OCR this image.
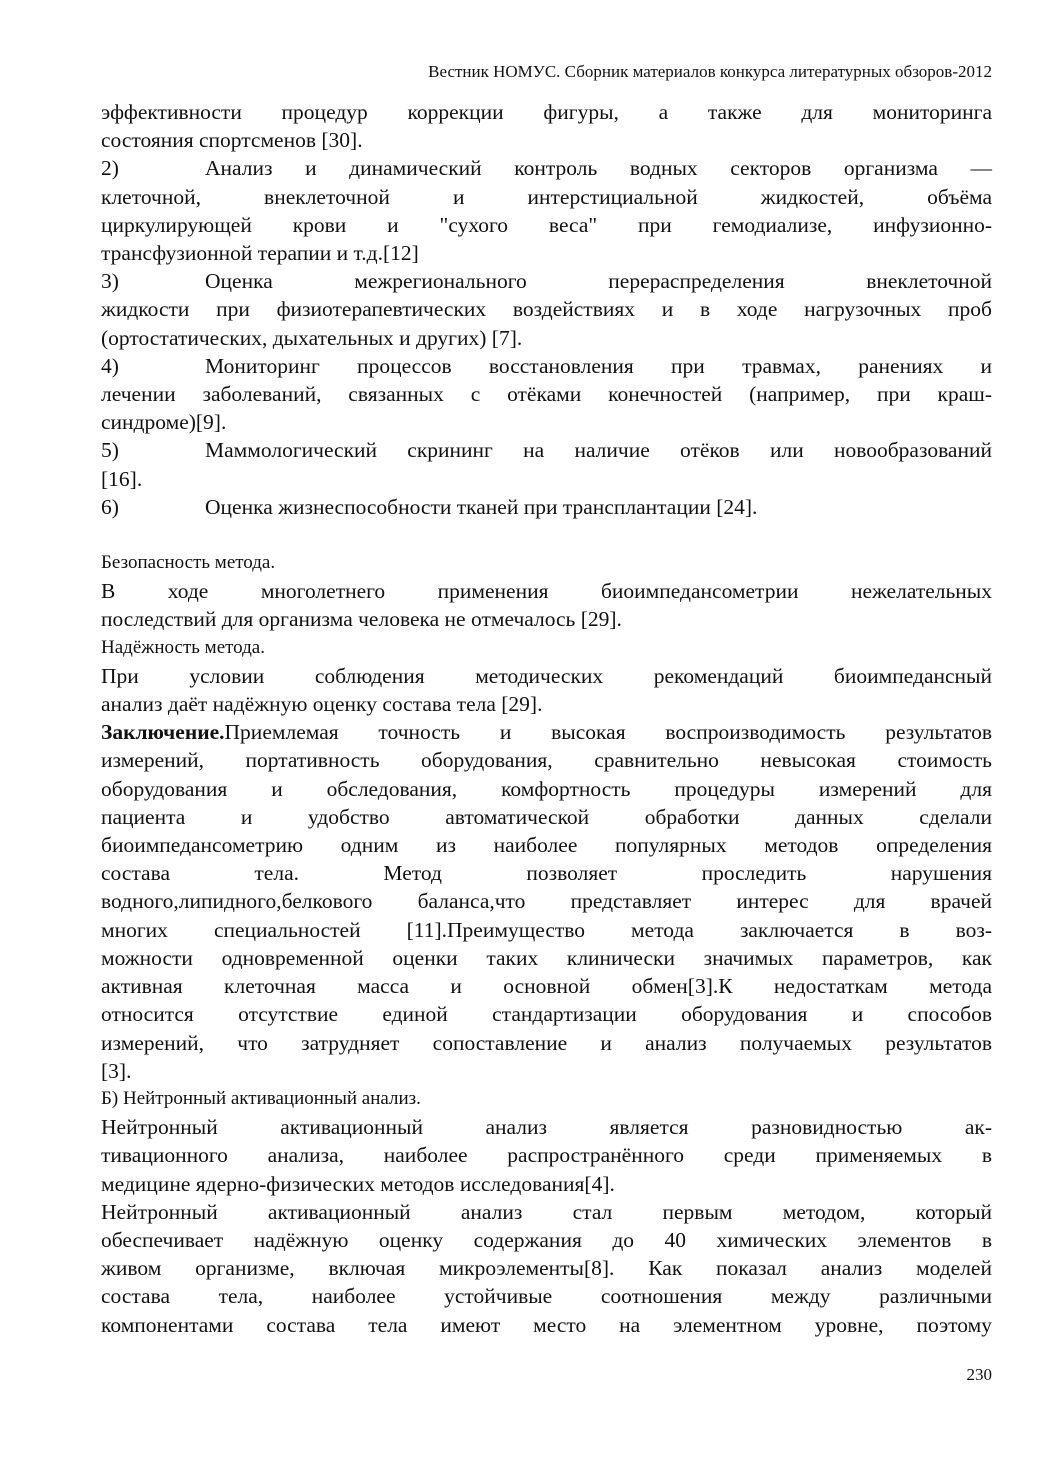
Вестник НОМУС. Сборник материалов конкурса литературных обзоров-2012

эффективности процедур коррекции фигуры, а также для мониторинга

состояния спортсменов [30].

2)	Анализ и динамический контроль водных секторов организма —

клеточной, внеклеточной и интерстициальной жидкостей, объёма

циркулирующей крови и "сухого веса" при гемодиализе, инфузионно-

трансфузионной терапии и т.д.[12]

3)	Оценка межрегионального перераспределения внеклеточной

жидкости при физиотерапевтических воздействиях и в ходе нагрузочных проб

(ортостатических, дыхательных и других) [7].

4)	Мониторинг процессов восстановления при травмах, ранениях и

лечении заболеваний, связанных с отёками конечностей (например, при краш-

синдроме)[9].

5)	Маммологический скрининг на наличие отёков или новообразований

[16].

6)	Оценка жизнеспособности тканей при трансплантации [24].

Безопасность метода.

В ходе многолетнего применения биоимпедансометрии нежелательных

последствий для организма человека не отмечалось [29].

Надёжность метода.

При условии соблюдения методических рекомендаций биоимпедансный

анализ даёт надёжную оценку состава тела [29].

Заключение.Приемлемая точность и высокая воспроизводимость результатов

измерений, портативность оборудования, сравнительно невысокая стоимость

оборудования и обследования, комфортность процедуры измерений для

пациента и удобство автоматической обработки данных сделали

биоимпедансометрию одним из наиболее популярных методов определения

состава тела. Метод позволяет проследить нарушения

водного,липидного,белкового баланса,что представляет интерес для врачей

многих специальностей [11].Преимущество метода заключается в воз-

можности одновременной оценки таких клинически значимых параметров, как

активная клеточная масса и основной обмен[3].К недостаткам метода

относится отсутствие единой стандартизации оборудования и способов

измерений, что затрудняет сопоставление и анализ получаемых результатов

[3].

Б) Нейтронный активационный анализ.

Нейтронный активационный анализ является разновидностью ак-

тивационного анализа, наиболее распространённого среди применяемых в

медицине ядерно-физических методов исследования[4].

Нейтронный активационный анализ стал первым методом, который

обеспечивает надёжную оценку содержания до 40 химических элементов в

живом организме, включая микроэлементы[8]. Как показал анализ моделей

состава тела, наиболее устойчивые соотношения между различными

компонентами состава тела имеют место на элементном уровне, поэтому

230
